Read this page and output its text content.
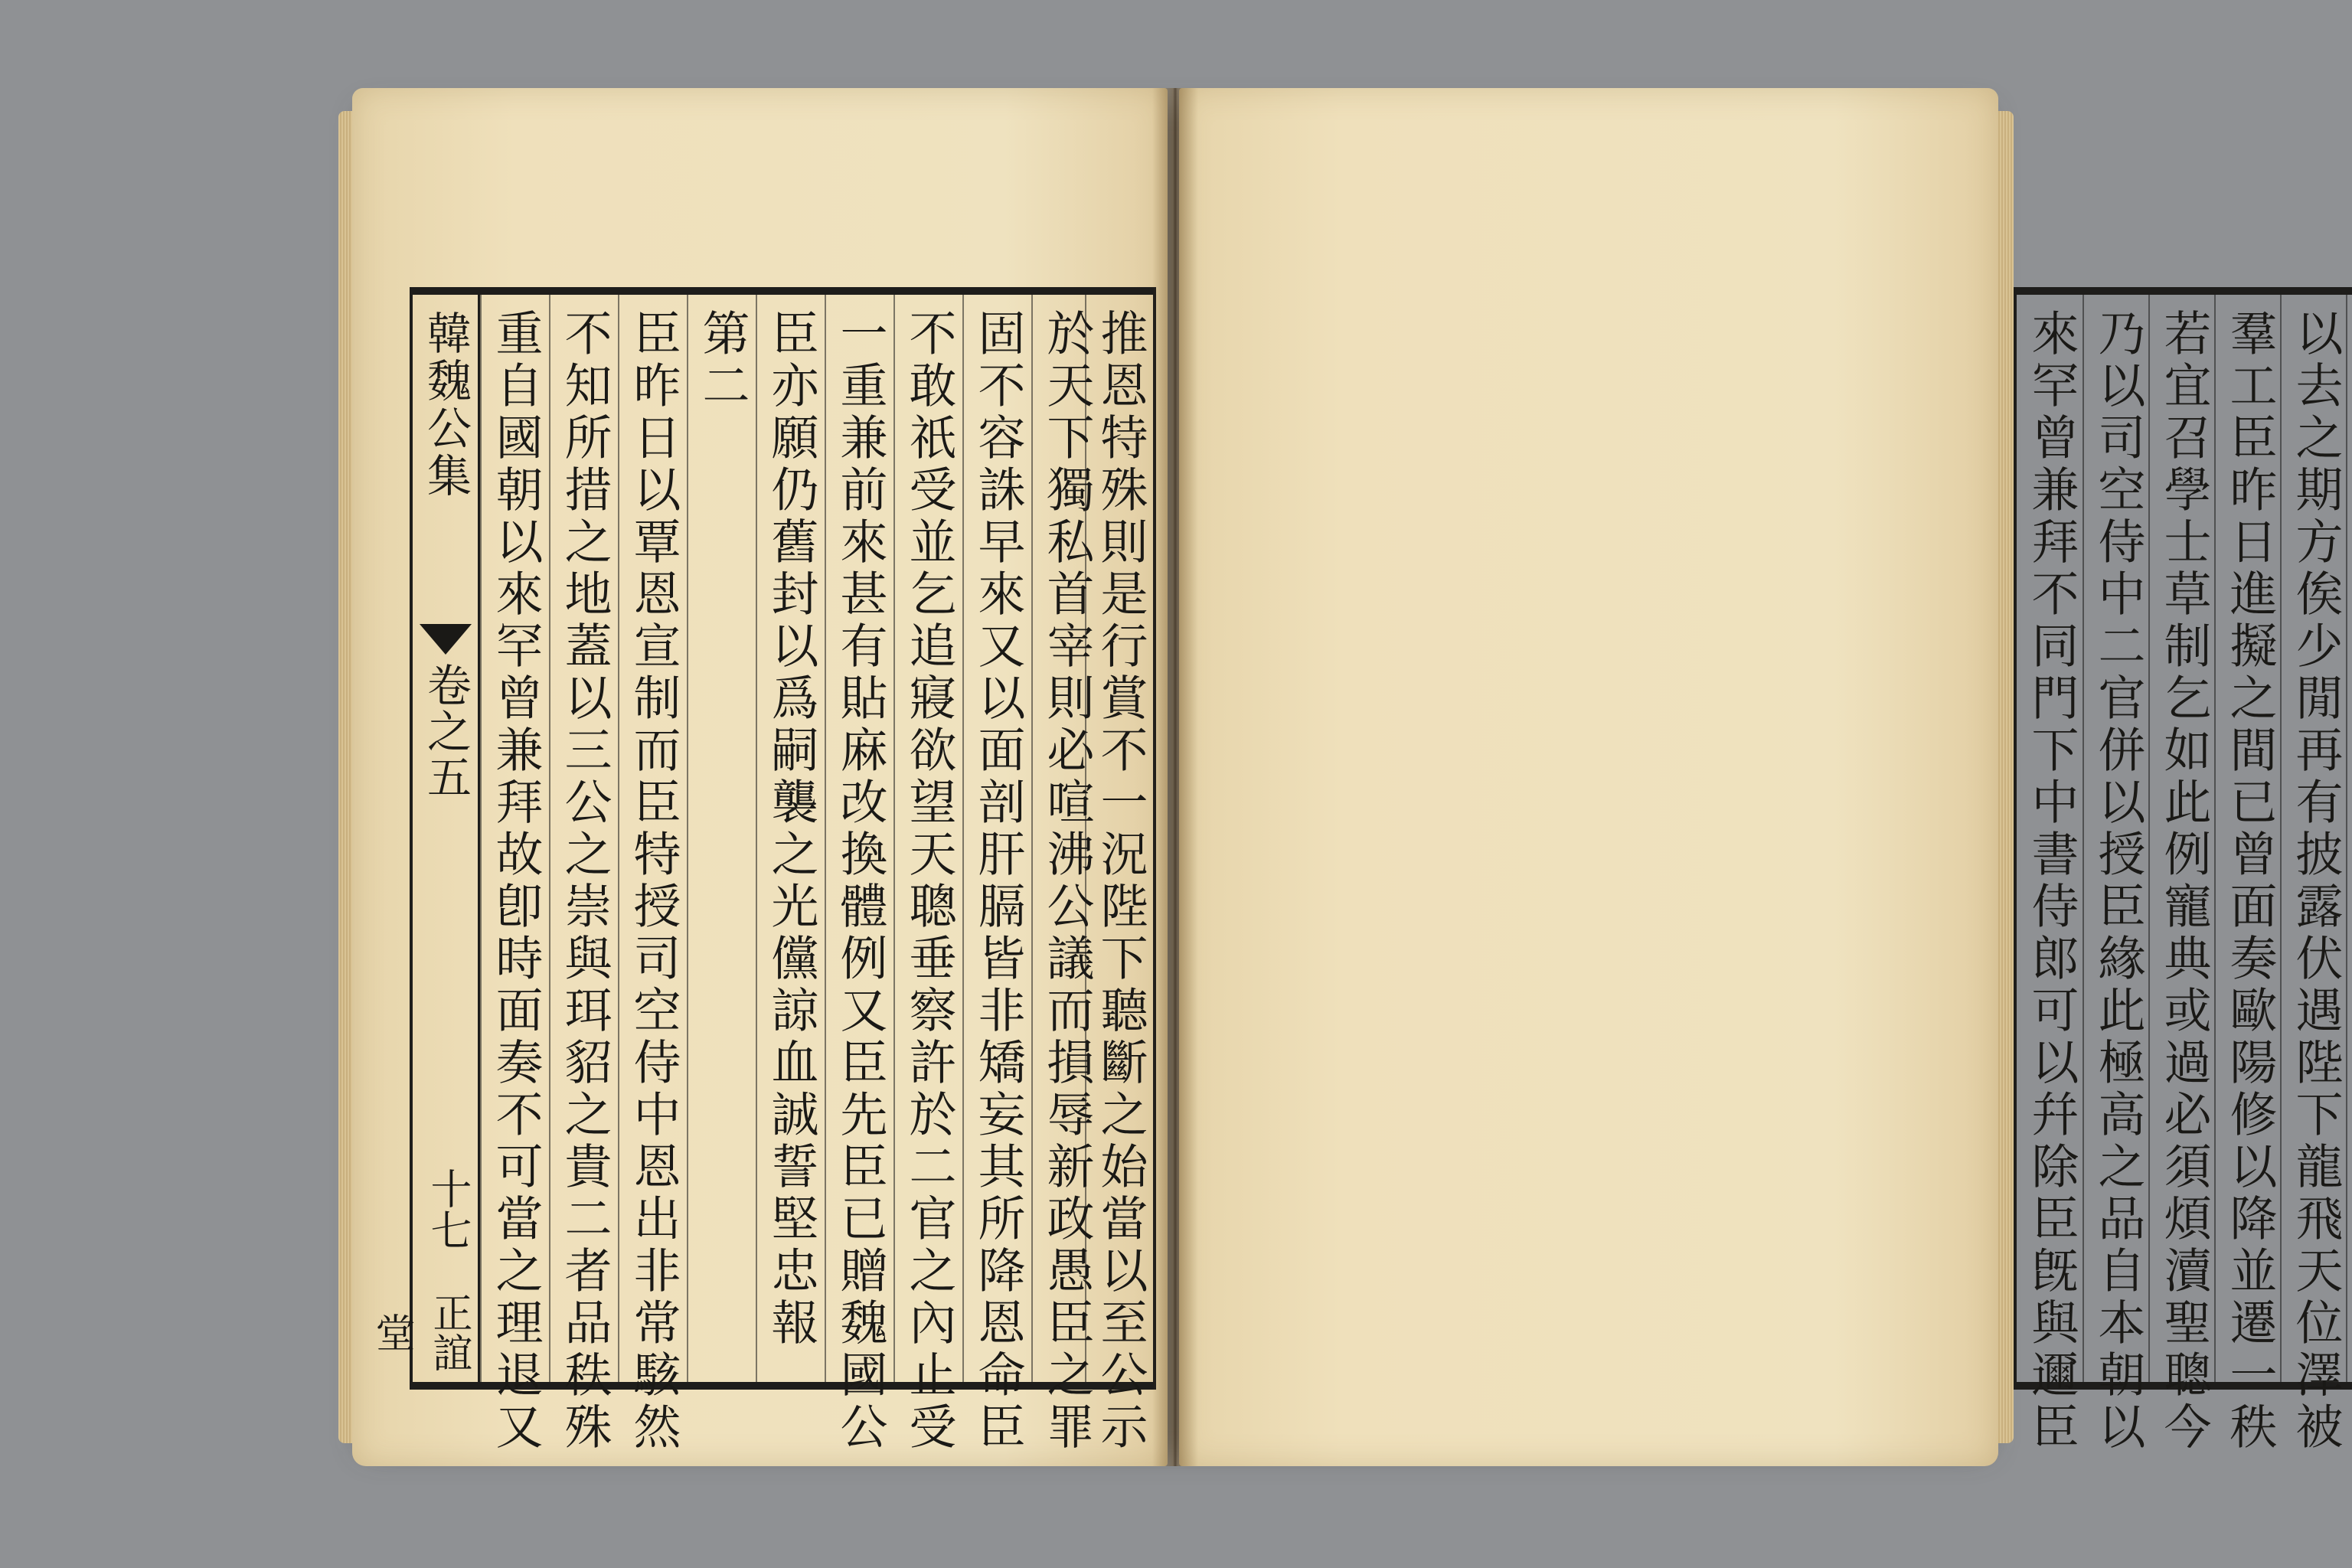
韓魏公集
卷之五
十七
正誼堂	重自國朝以來罕曾兼拜故卽時面奏不可當之理退又 不知所措之地蓋以三公之崇與珥貂之貴二者品秩殊 臣昨日以覃恩宣制而臣特授司空侍中恩出非常駭然 第二 臣亦願仍舊封以爲嗣襲之光儻諒血誠誓堅忠報 一重兼前來甚有貼麻改換體例又臣先臣已贈魏國公 不敢祇受並乞追寢欲望天聰垂察許於二官之內止受 固不容誅早來又以面剖肝膈皆非矯妄其所降恩命臣 於天下獨私首宰則必喧沸公議而損辱新政愚臣之罪
推恩特殊則是行賞不一況陛下聽斷之始當以至公示	來罕曾兼拜不同門下中書侍郎可以幷除臣旣與邇臣 乃以司空侍中二官併以授臣緣此極高之品自本朝以 若宜召學士草制乞如此例寵典或過必須煩瀆聖聰今 羣工臣昨日進擬之間已曾面奏歐陽修以降並遷一秩 以去之期方俟少閒再有披露伏遇陛下龍飛天位澤被
